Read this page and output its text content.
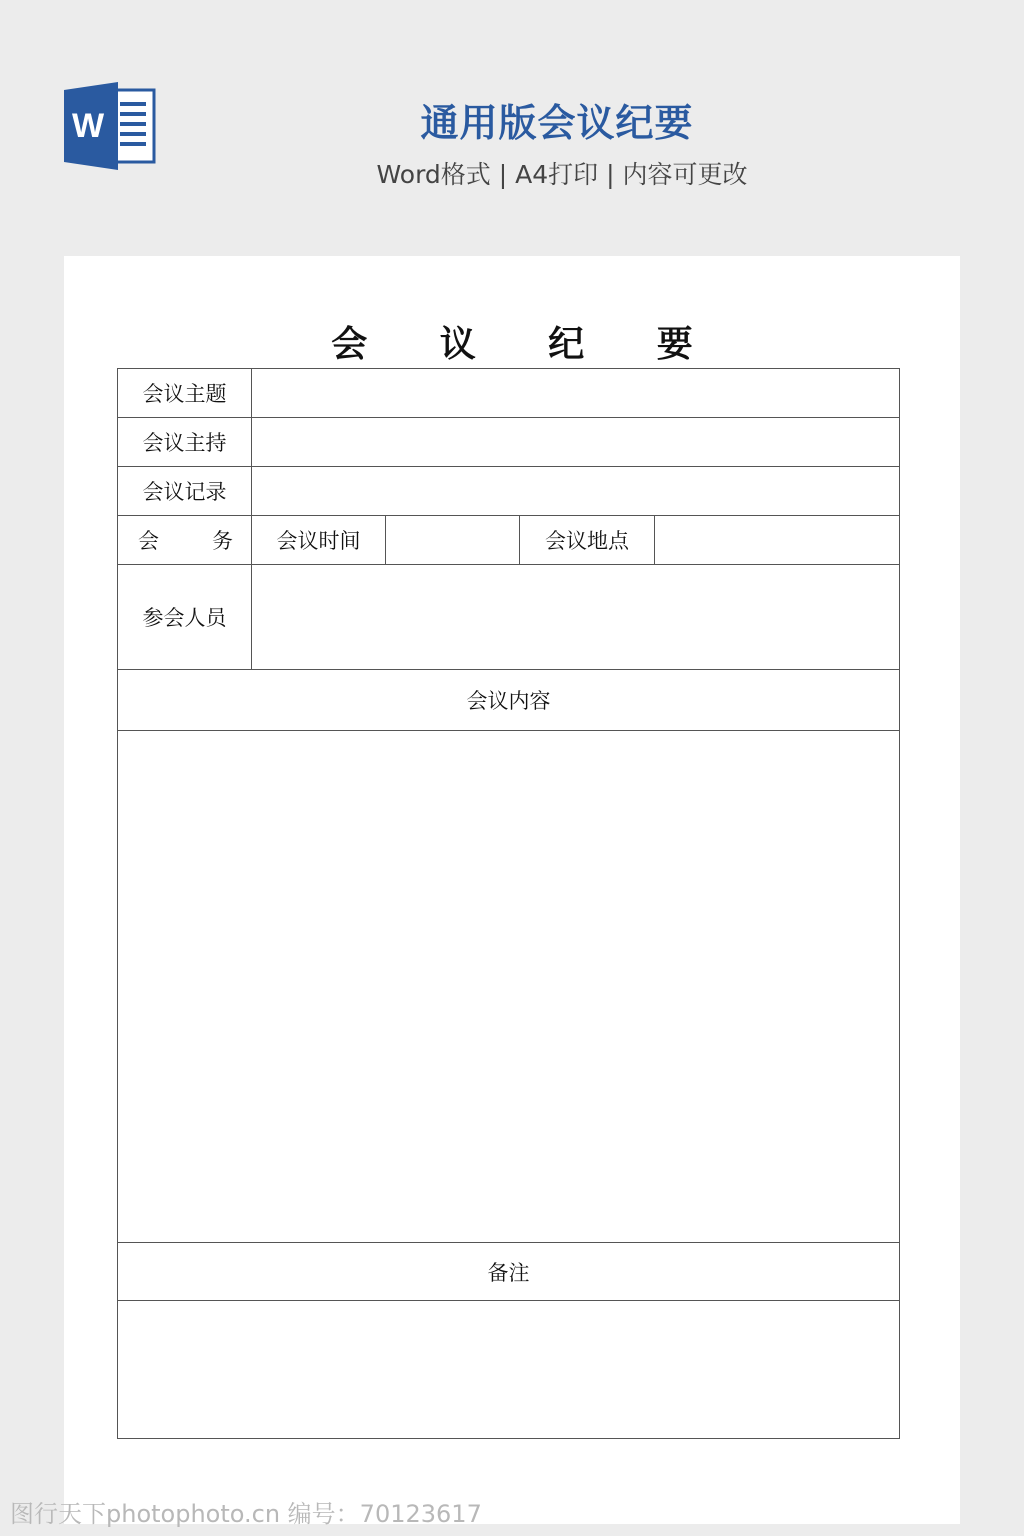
W	通用版会议纪要
Word格式 | A4打印 | 内容可更改
会 议 纪 要
会议主题				
会议主持				
会议记录				

会 务	会议时间		会议地点	
参会人员				
会议内容				

备注				

图行天下photophoto.cn 编号：70123617
